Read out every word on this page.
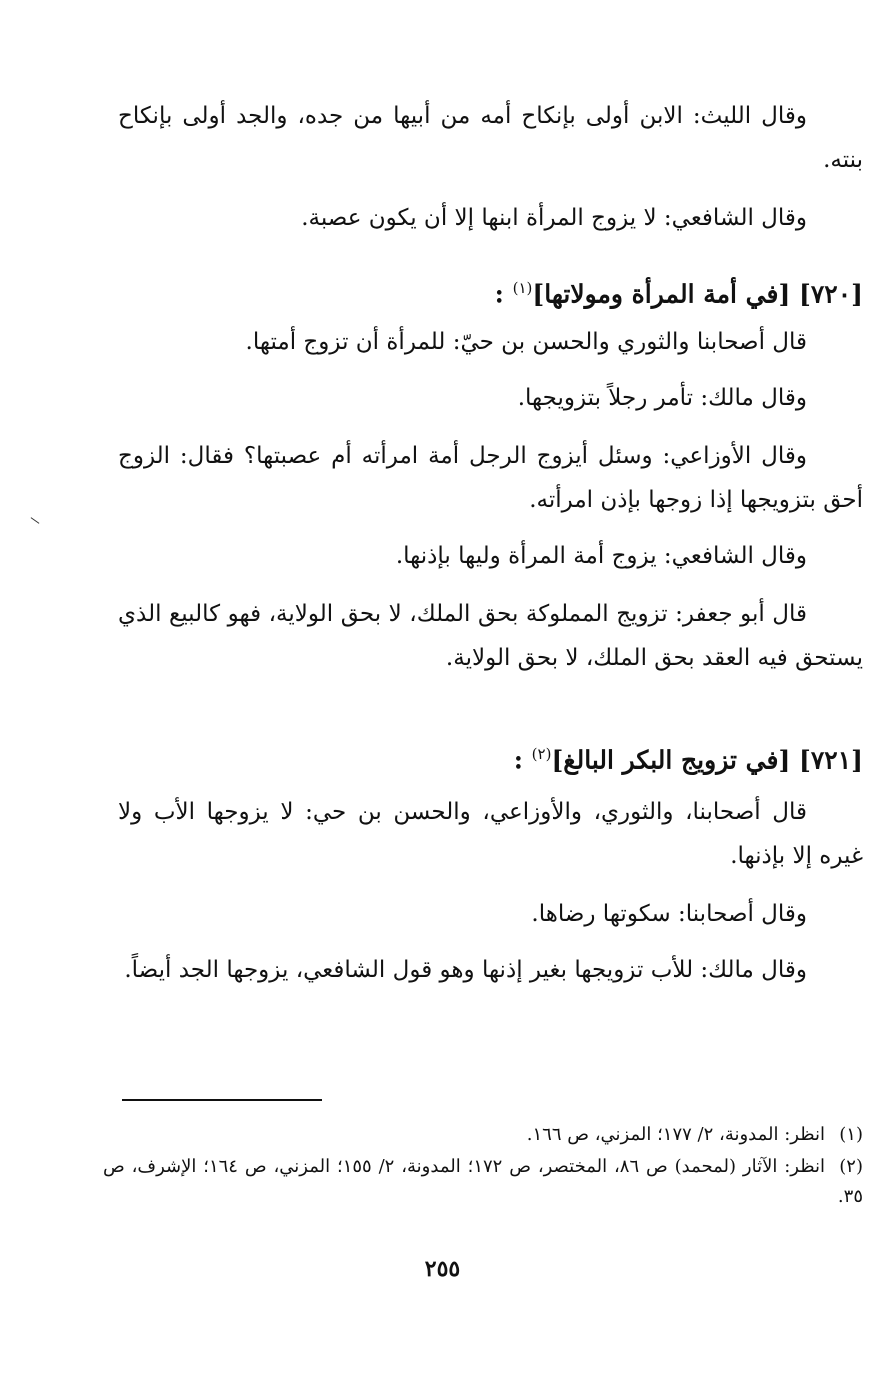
وقال الليث: الابن أولى بإنكاح أمه من أبيها من جده، والجد أولى بإنكاح بنته.

وقال الشافعي: لا يزوج المرأة ابنها إلا أن يكون عصبة.

[٧٢٠] [في أمة المرأة ومولاتها]$^{(١)}$ :

قال أصحابنا والثوري والحسن بن حيّ: للمرأة أن تزوج أمتها.

وقال مالك: تأمر رجلاً بتزويجها.

وقال الأوزاعي: وسئل أيزوج الرجل أمة امرأته أم عصبتها؟ فقال: الزوج أحق بتزويجها إذا زوجها بإذن امرأته.

وقال الشافعي: يزوج أمة المرأة وليها بإذنها.

قال أبو جعفر: تزويج المملوكة بحق الملك، لا بحق الولاية، فهو كالبيع الذي يستحق فيه العقد بحق الملك، لا بحق الولاية.

[٧٢١] [في تزويج البكر البالغ]$^{(٢)}$ :

قال أصحابنا، والثوري، والأوزاعي، والحسن بن حي: لا يزوجها الأب ولا غيره إلا بإذنها.

وقال أصحابنا: سكوتها رضاها.

وقال مالك: للأب تزويجها بغير إذنها وهو قول الشافعي، يزوجها الجد أيضاً.

(١)انظر: المدونة، ٢/ ١٧٧؛ المزني، ص ١٦٦.

(٢)انظر: الآثار (لمحمد) ص ٨٦، المختصر، ص ١٧٢؛ المدونة، ٢/ ١٥٥؛ المزني، ص ١٦٤؛ الإشرف، ص ٣٥.

٢٥٥
